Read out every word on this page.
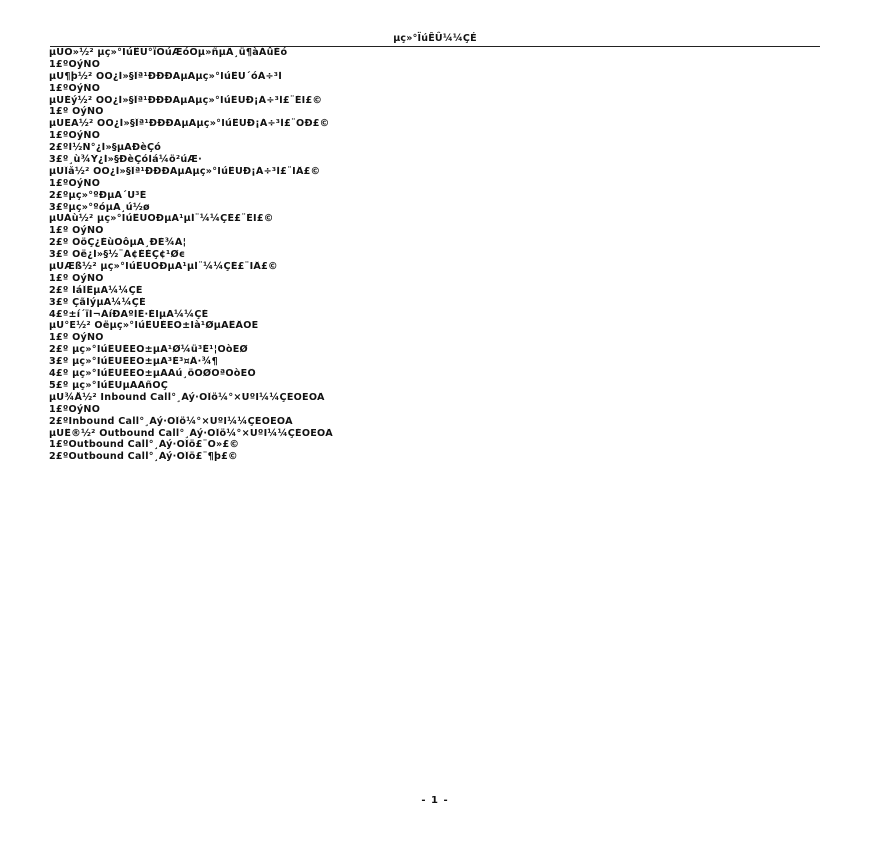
µç»°ÏúÊÛ¼¼ÇÉ
µÚÒ»½² µç»°ÏúÊÛ°ïÖúÆóÒµ»ñµÃ¸ü¶àÀûÈó
1£ºÒýÑÔ
µÚ¶þ½² ÒÔ¿Í»§Îª¹ÐÐÐÄµÄµç»°ÏúÊÛ´óÁ÷³Ì
1£ºÒýÑÔ
µÚÈý½² ÒÔ¿Í»§Îª¹ÐÐÐÄµÄµç»°ÏúÊÛÐ¡Á÷³Ì£¨ÉÏ£©
1£º ÒýÑÔ
µÚËÄ½² ÒÔ¿Í»§Îª¹ÐÐÐÄµÄµç»°ÏúÊÛÐ¡Á÷³Ì£¨ÖÐ£©
1£ºÒýÑÔ
2£ºÌ½Ñ°¿Í»§µÄÐèÇó
3£º¸ù¾Ý¿Í»§ÐèÇóÌá¼ö²úÆ·
µÚÎå½² ÒÔ¿Í»§Îª¹ÐÐÐÄµÄµç»°ÏúÊÛÐ¡Á÷³Ì£¨ÏÂ£©
1£ºÒýÑÔ
2£ºµç»°ºÐµÄ´Ù³É
3£ºµç»°ºóµÄ¸ú½ø
µÚÁù½² µç»°ÏúÊÛÖÐµÄ¹µÍ¨¼¼ÇÉ£¨ÉÏ£©
1£º ÒýÑÔ
2£º ÕöÇ¿ÉùÒôµÄ¸ÐÈ¾Á¦
3£º Óë¿Í»§½¨Á¢ÈÈÇ¢¹Øϵ
µÚÆß½² µç»°ÏúÊÛÖÐµÄ¹µÍ¨¼¼ÇÉ£¨ÏÂ£©
1£º ÒýÑÔ
2£º ÌáÎÊµÄ¼¼ÇÉ
3£º ÇãÌýµÄ¼¼ÇÉ
4£º±í´ïÍ¬ÀíÐÄºÍÈ·ÈÏµÄ¼¼ÇÉ
µÚ°Ë½² Óëµç»°ÏúÊÛÈËÔ±Ïà¹ØµÄÊÂÒË
1£º ÒýÑÔ
2£º µç»°ÏúÊÛÈËÔ±µÄ¹Ø¼ü³É¹¦ÒòËØ
3£º µç»°ÏúÊÛÈËÔ±µÄ³É³¤Â·¾¶
4£º µç»°ÏúÊÛÈËÔ±µÄÄú¸öÖØÒªÒòËÕ
5£º µç»°ÏúÊÛµÄÃñÒÇ
µÚ¾Å½² Inbound Call°¸Àý·ÖÎö¼°×ÛºÏ¼¼ÇÉÔËÓÃ
1£ºÒýÑÔ
2£ºInbound Call°¸Àý·ÖÎö¼°×ÛºÏ¼¼ÇÉÔËÓÃ
µÚÊ®½² Outbound Call°¸Àý·ÖÎö¼°×ÛºÏ¼¼ÇÉÔËÓÃ
1£ºOutbound Call°¸Àý·ÖÎö£¨Ò»£©
2£ºOutbound Call°¸Àý·ÖÎö£¨¶þ£©
- 1 -
